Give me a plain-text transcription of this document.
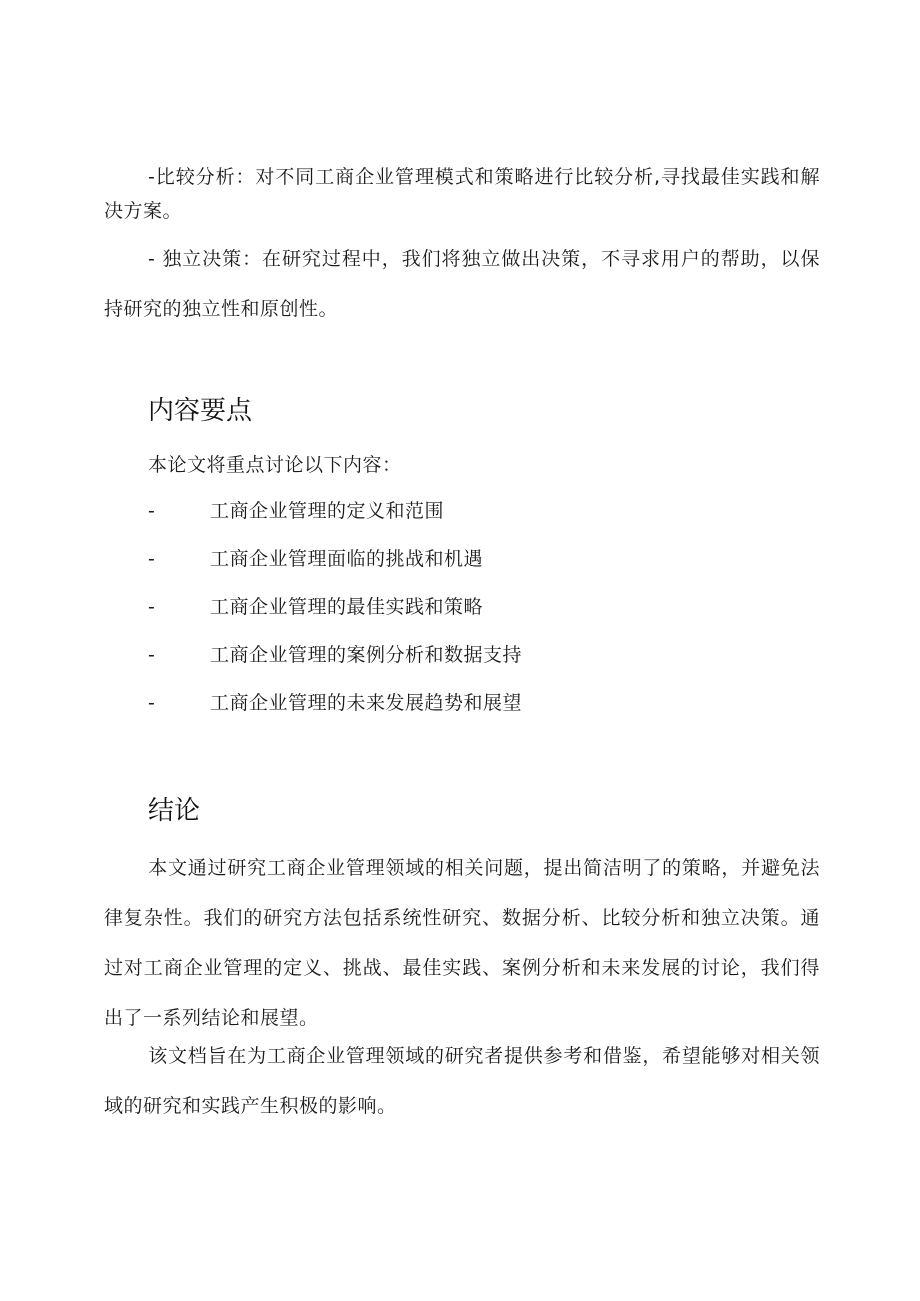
-比较分析：对不同工商企业管理模式和策略进行比较分析,寻找最佳实践和解决方案。

- 独立决策：在研究过程中，我们将独立做出决策，不寻求用户的帮助，以保持研究的独立性和原创性。

内容要点
本论文将重点讨论以下内容：
-	工商企业管理的定义和范围
-	工商企业管理面临的挑战和机遇
-	工商企业管理的最佳实践和策略
-	工商企业管理的案例分析和数据支持
-	工商企业管理的未来发展趋势和展望
结论

本文通过研究工商企业管理领域的相关问题，提出简洁明了的策略，并避免法律复杂性。我们的研究方法包括系统性研究、数据分析、比较分析和独立决策。通过对工商企业管理的定义、挑战、最佳实践、案例分析和未来发展的讨论，我们得出了一系列结论和展望。

该文档旨在为工商企业管理领域的研究者提供参考和借鉴，希望能够对相关领域的研究和实践产生积极的影响。
